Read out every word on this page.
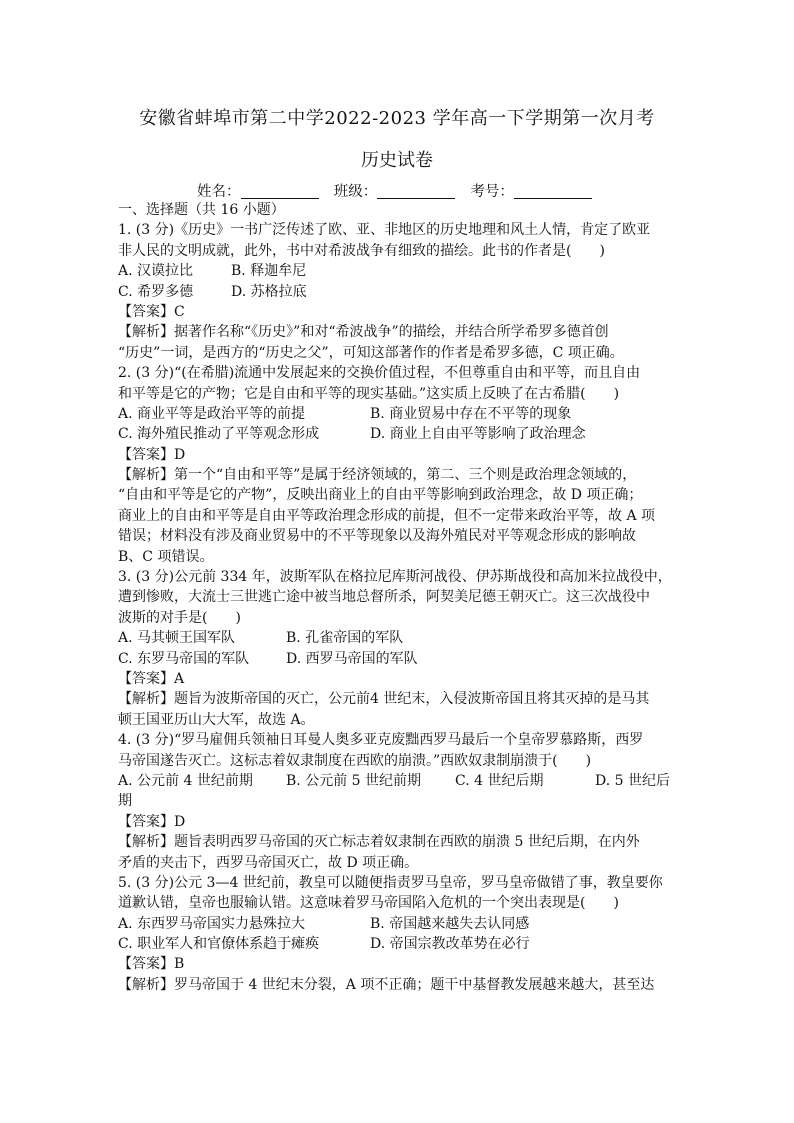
安徽省蚌埠市第二中学2022-2023 学年高一下学期第一次月考
历史试卷
姓名：	班级：	考号：
一、选择题（共 16 小题）
1. (3 分)《历史》一书广泛传述了欧、亚、非地区的历史地理和风土人情，肯定了欧亚
非人民的文明成就，此外，书中对希波战争有细致的描绘。此书的作者是(　　)
A. 汉谟拉比	B. 释迦牟尼
C. 希罗多德	D. 苏格拉底
【答案】C
【解析】据著作名称“《历史》”和对“希波战争”的描绘，并结合所学希罗多德首创
“历史”一词，是西方的“历史之父”，可知这部著作的作者是希罗多德，C 项正确。
2. (3 分)“(在希腊)流通中发展起来的交换价值过程，不但尊重自由和平等，而且自由
和平等是它的产物；它是自由和平等的现实基础。”这实质上反映了在古希腊(　　)
A. 商业平等是政治平等的前提	B. 商业贸易中存在不平等的现象
C. 海外殖民推动了平等观念形成	D. 商业上自由平等影响了政治理念
【答案】D
【解析】第一个“自由和平等”是属于经济领域的，第二、三个则是政治理念领域的，
“自由和平等是它的产物”，反映出商业上的自由平等影响到政治理念，故 D 项正确；
商业上的自由和平等是自由平等政治理念形成的前提，但不一定带来政治平等，故 A 项
错误；材料没有涉及商业贸易中的不平等现象以及海外殖民对平等观念形成的影响故
B、C 项错误。
3. (3 分)公元前 334 年，波斯军队在格拉尼库斯河战役、伊苏斯战役和高加米拉战役中，
遭到惨败，大流士三世逃亡途中被当地总督所杀，阿契美尼德王朝灭亡。这三次战役中
波斯的对手是(　　)
A. 马其顿王国军队	B. 孔雀帝国的军队
C. 东罗马帝国的军队	D. 西罗马帝国的军队
【答案】A
【解析】题旨为波斯帝国的灭亡，公元前4 世纪末，入侵波斯帝国且将其灭掉的是马其
顿王国亚历山大大军，故选 A。
4. (3 分)“罗马雇佣兵领袖日耳曼人奥多亚克废黜西罗马最后一个皇帝罗慕路斯，西罗
马帝国遂告灭亡。这标志着奴隶制度在西欧的崩溃。”西欧奴隶制崩溃于(　　)
A. 公元前 4 世纪前期	B. 公元前 5 世纪前期	C. 4 世纪后期	D. 5 世纪后
期
【答案】D
【解析】题旨表明西罗马帝国的灭亡标志着奴隶制在西欧的崩溃 5 世纪后期，在内外
矛盾的夹击下，西罗马帝国灭亡，故 D 项正确。
5. (3 分)公元 3—4 世纪前，教皇可以随便指责罗马皇帝，罗马皇帝做错了事，教皇要你
道歉认错，皇帝也服输认错。这意味着罗马帝国陷入危机的一个突出表现是(　　)
A. 东西罗马帝国实力悬殊拉大	B. 帝国越来越失去认同感
C. 职业军人和官僚体系趋于瘫痪	D. 帝国宗教改革势在必行
【答案】B
【解析】罗马帝国于 4 世纪末分裂，A 项不正确；题干中基督教发展越来越大，甚至达
